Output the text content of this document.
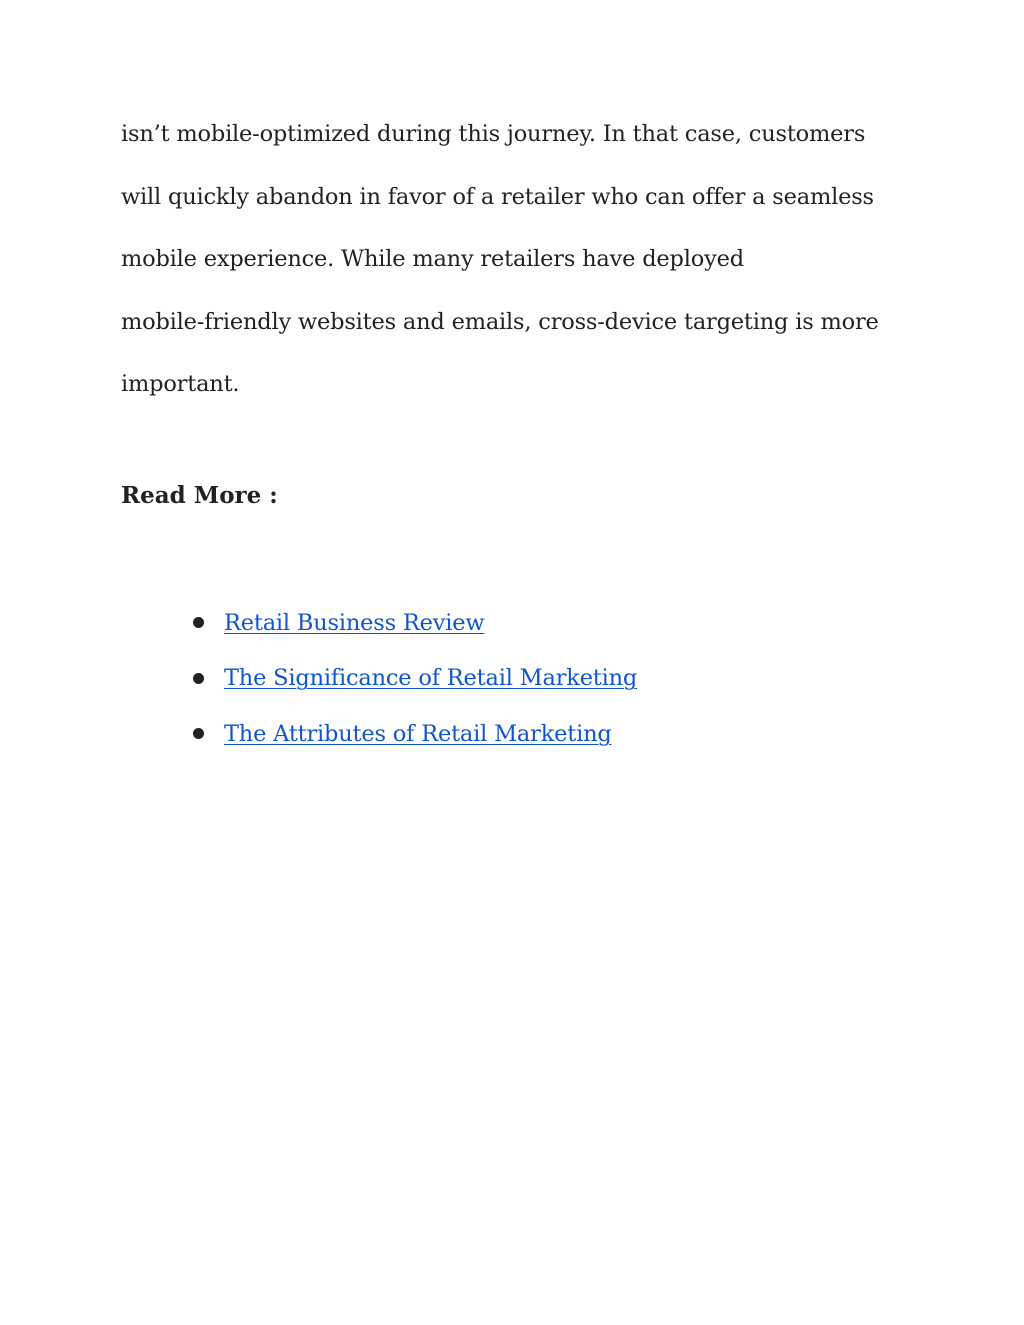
isn’t mobile-optimized during this journey. In that case, customers
will quickly abandon in favor of a retailer who can offer a seamless
mobile experience. While many retailers have deployed
mobile-friendly websites and emails, cross-device targeting is more
important.
Read More :
Retail Business Review
The Significance of Retail Marketing
The Attributes of Retail Marketing
